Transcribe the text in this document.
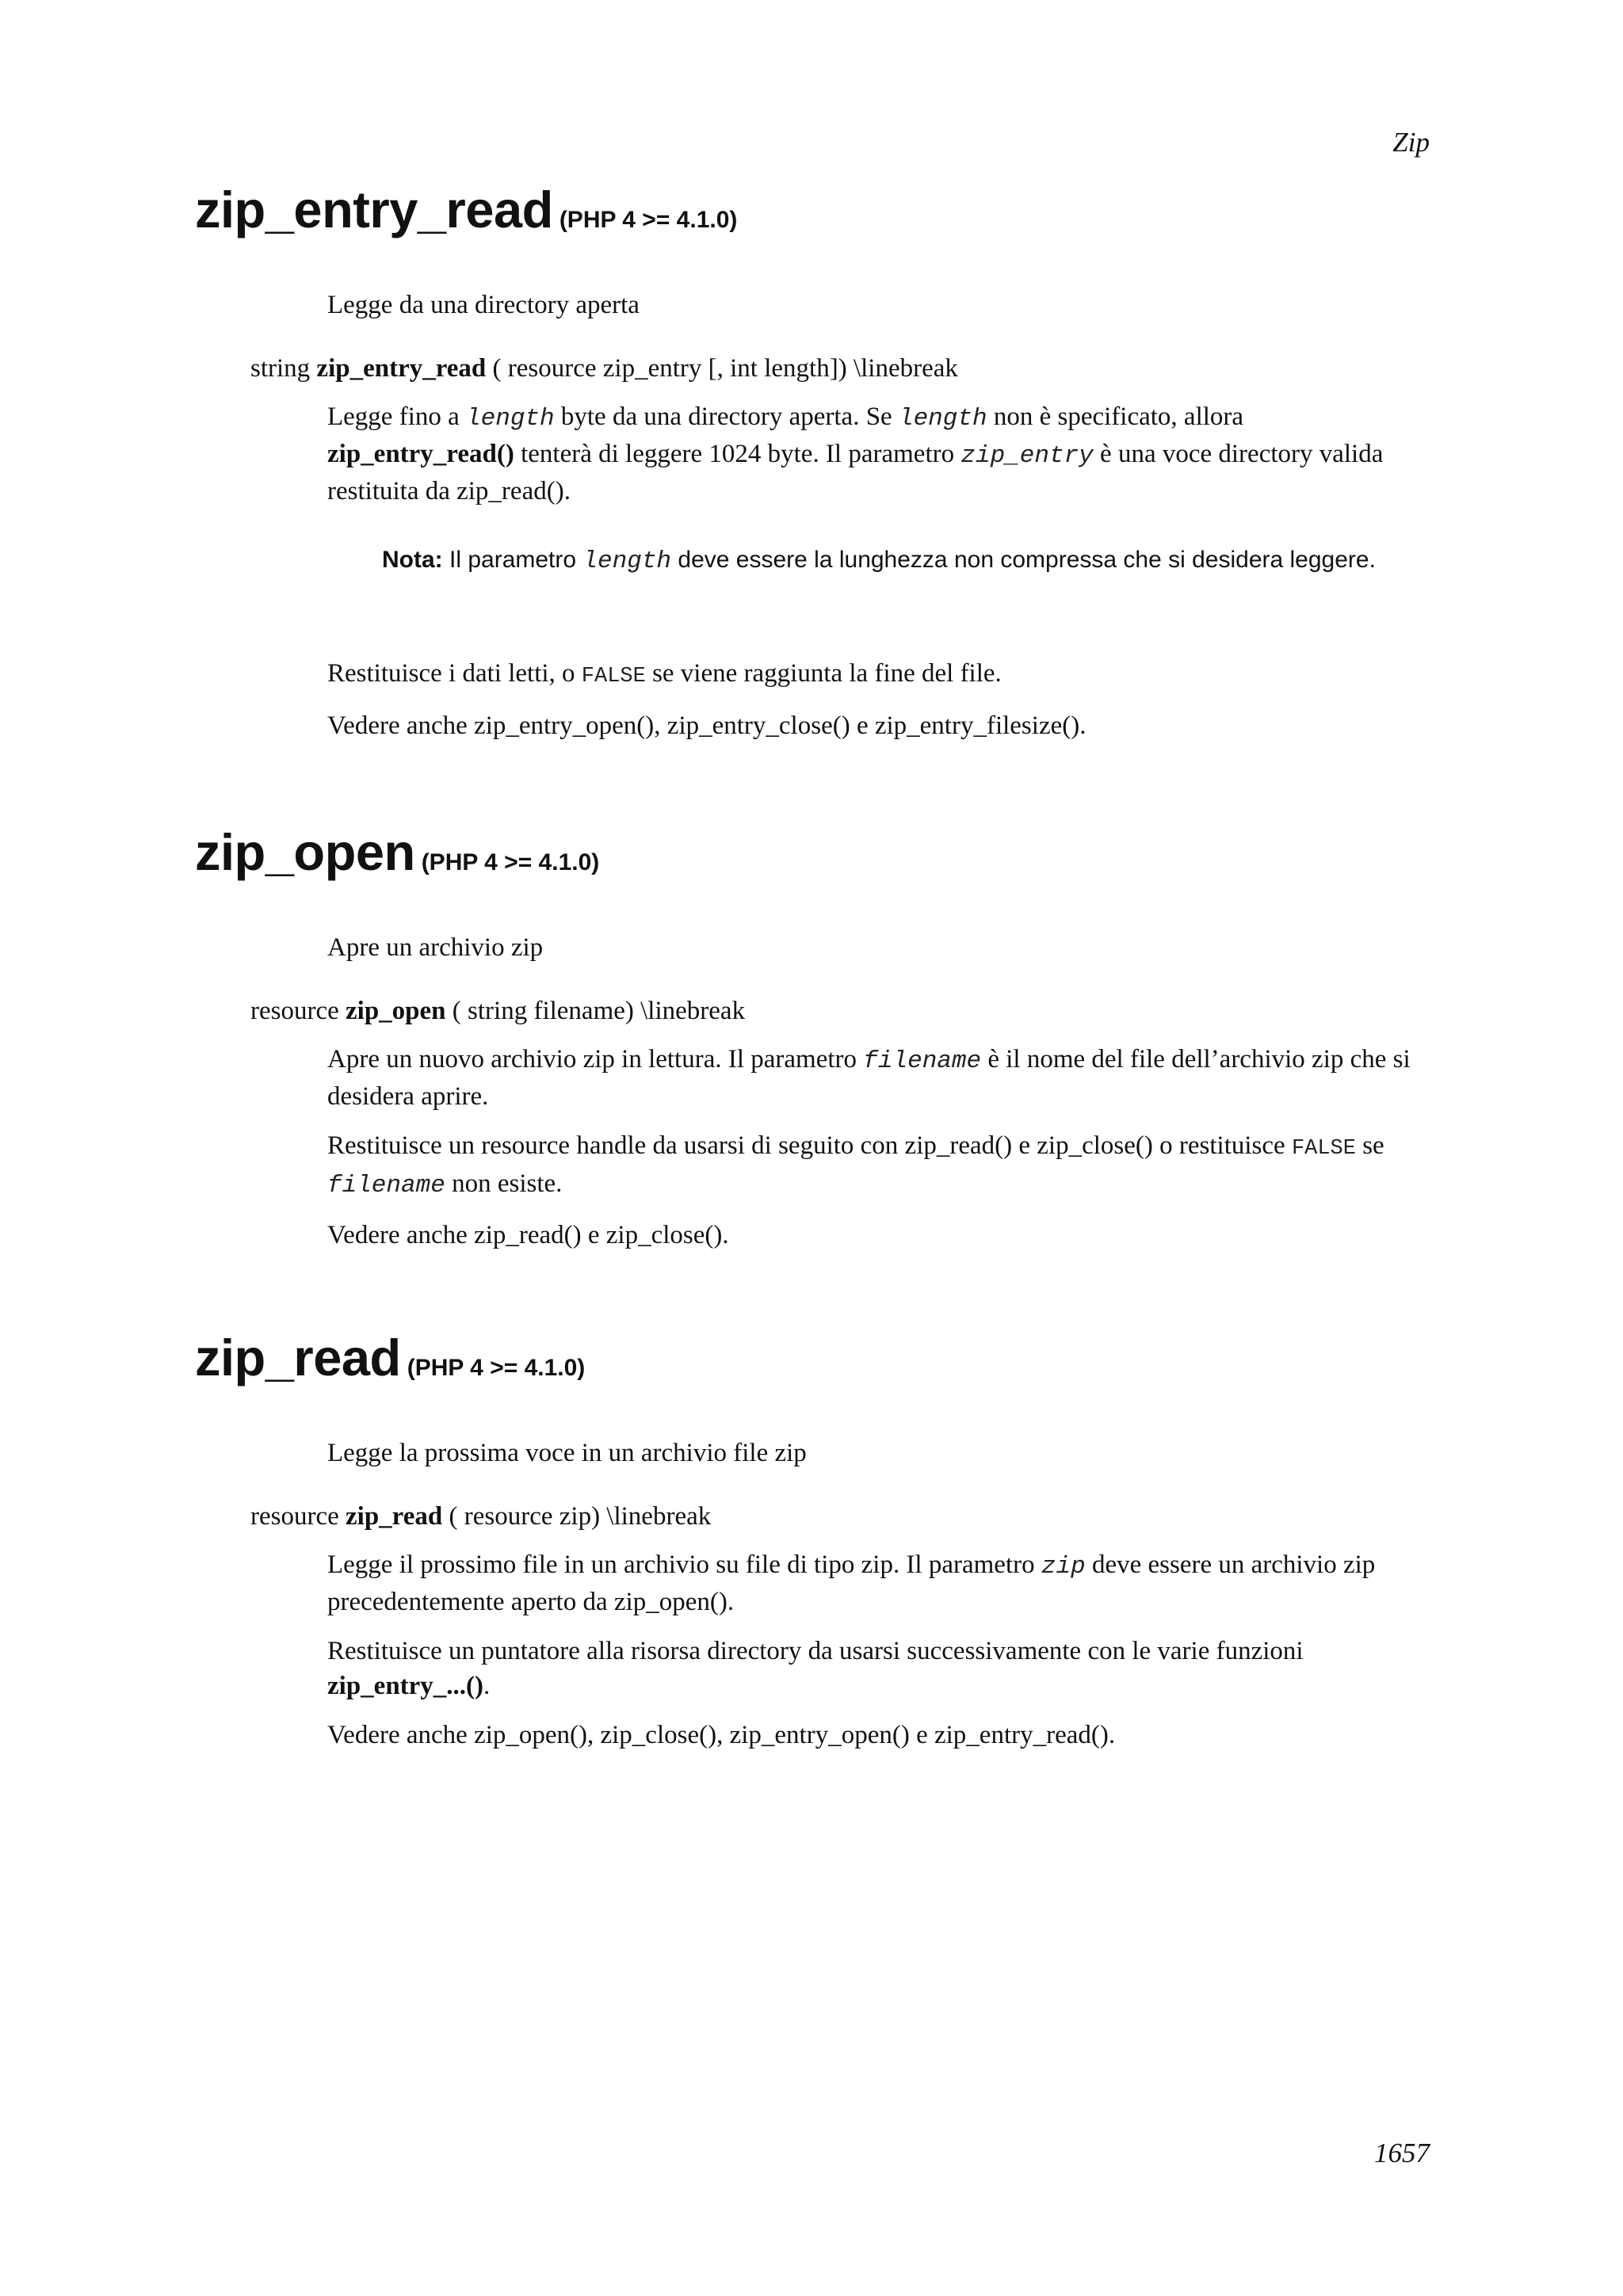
Zip
zip_entry_read (PHP 4 >= 4.1.0)

Legge da una directory aperta

string zip_entry_read ( resource zip_entry [, int length]) \linebreak

Legge fino a length byte da una directory aperta. Se length non è specificato, allora zip_entry_read() tenterà di leggere 1024 byte. Il parametro zip_entry è una voce directory valida restituita da zip_read().

Nota: Il parametro length deve essere la lunghezza non compressa che si desidera leggere.

Restituisce i dati letti, o FALSE se viene raggiunta la fine del file.

Vedere anche zip_entry_open(), zip_entry_close() e zip_entry_filesize().

zip_open (PHP 4 >= 4.1.0)

Apre un archivio zip

resource zip_open ( string filename) \linebreak

Apre un nuovo archivio zip in lettura. Il parametro filename è il nome del file dell’archivio zip che si desidera aprire.

Restituisce un resource handle da usarsi di seguito con zip_read() e zip_close() o restituisce FALSE se filename non esiste.

Vedere anche zip_read() e zip_close().

zip_read (PHP 4 >= 4.1.0)

Legge la prossima voce in un archivio file zip

resource zip_read ( resource zip) \linebreak

Legge il prossimo file in un archivio su file di tipo zip. Il parametro zip deve essere un archivio zip precedentemente aperto da zip_open().

Restituisce un puntatore alla risorsa directory da usarsi successivamente con le varie funzioni zip_entry_...().

Vedere anche zip_open(), zip_close(), zip_entry_open() e zip_entry_read().

1657
